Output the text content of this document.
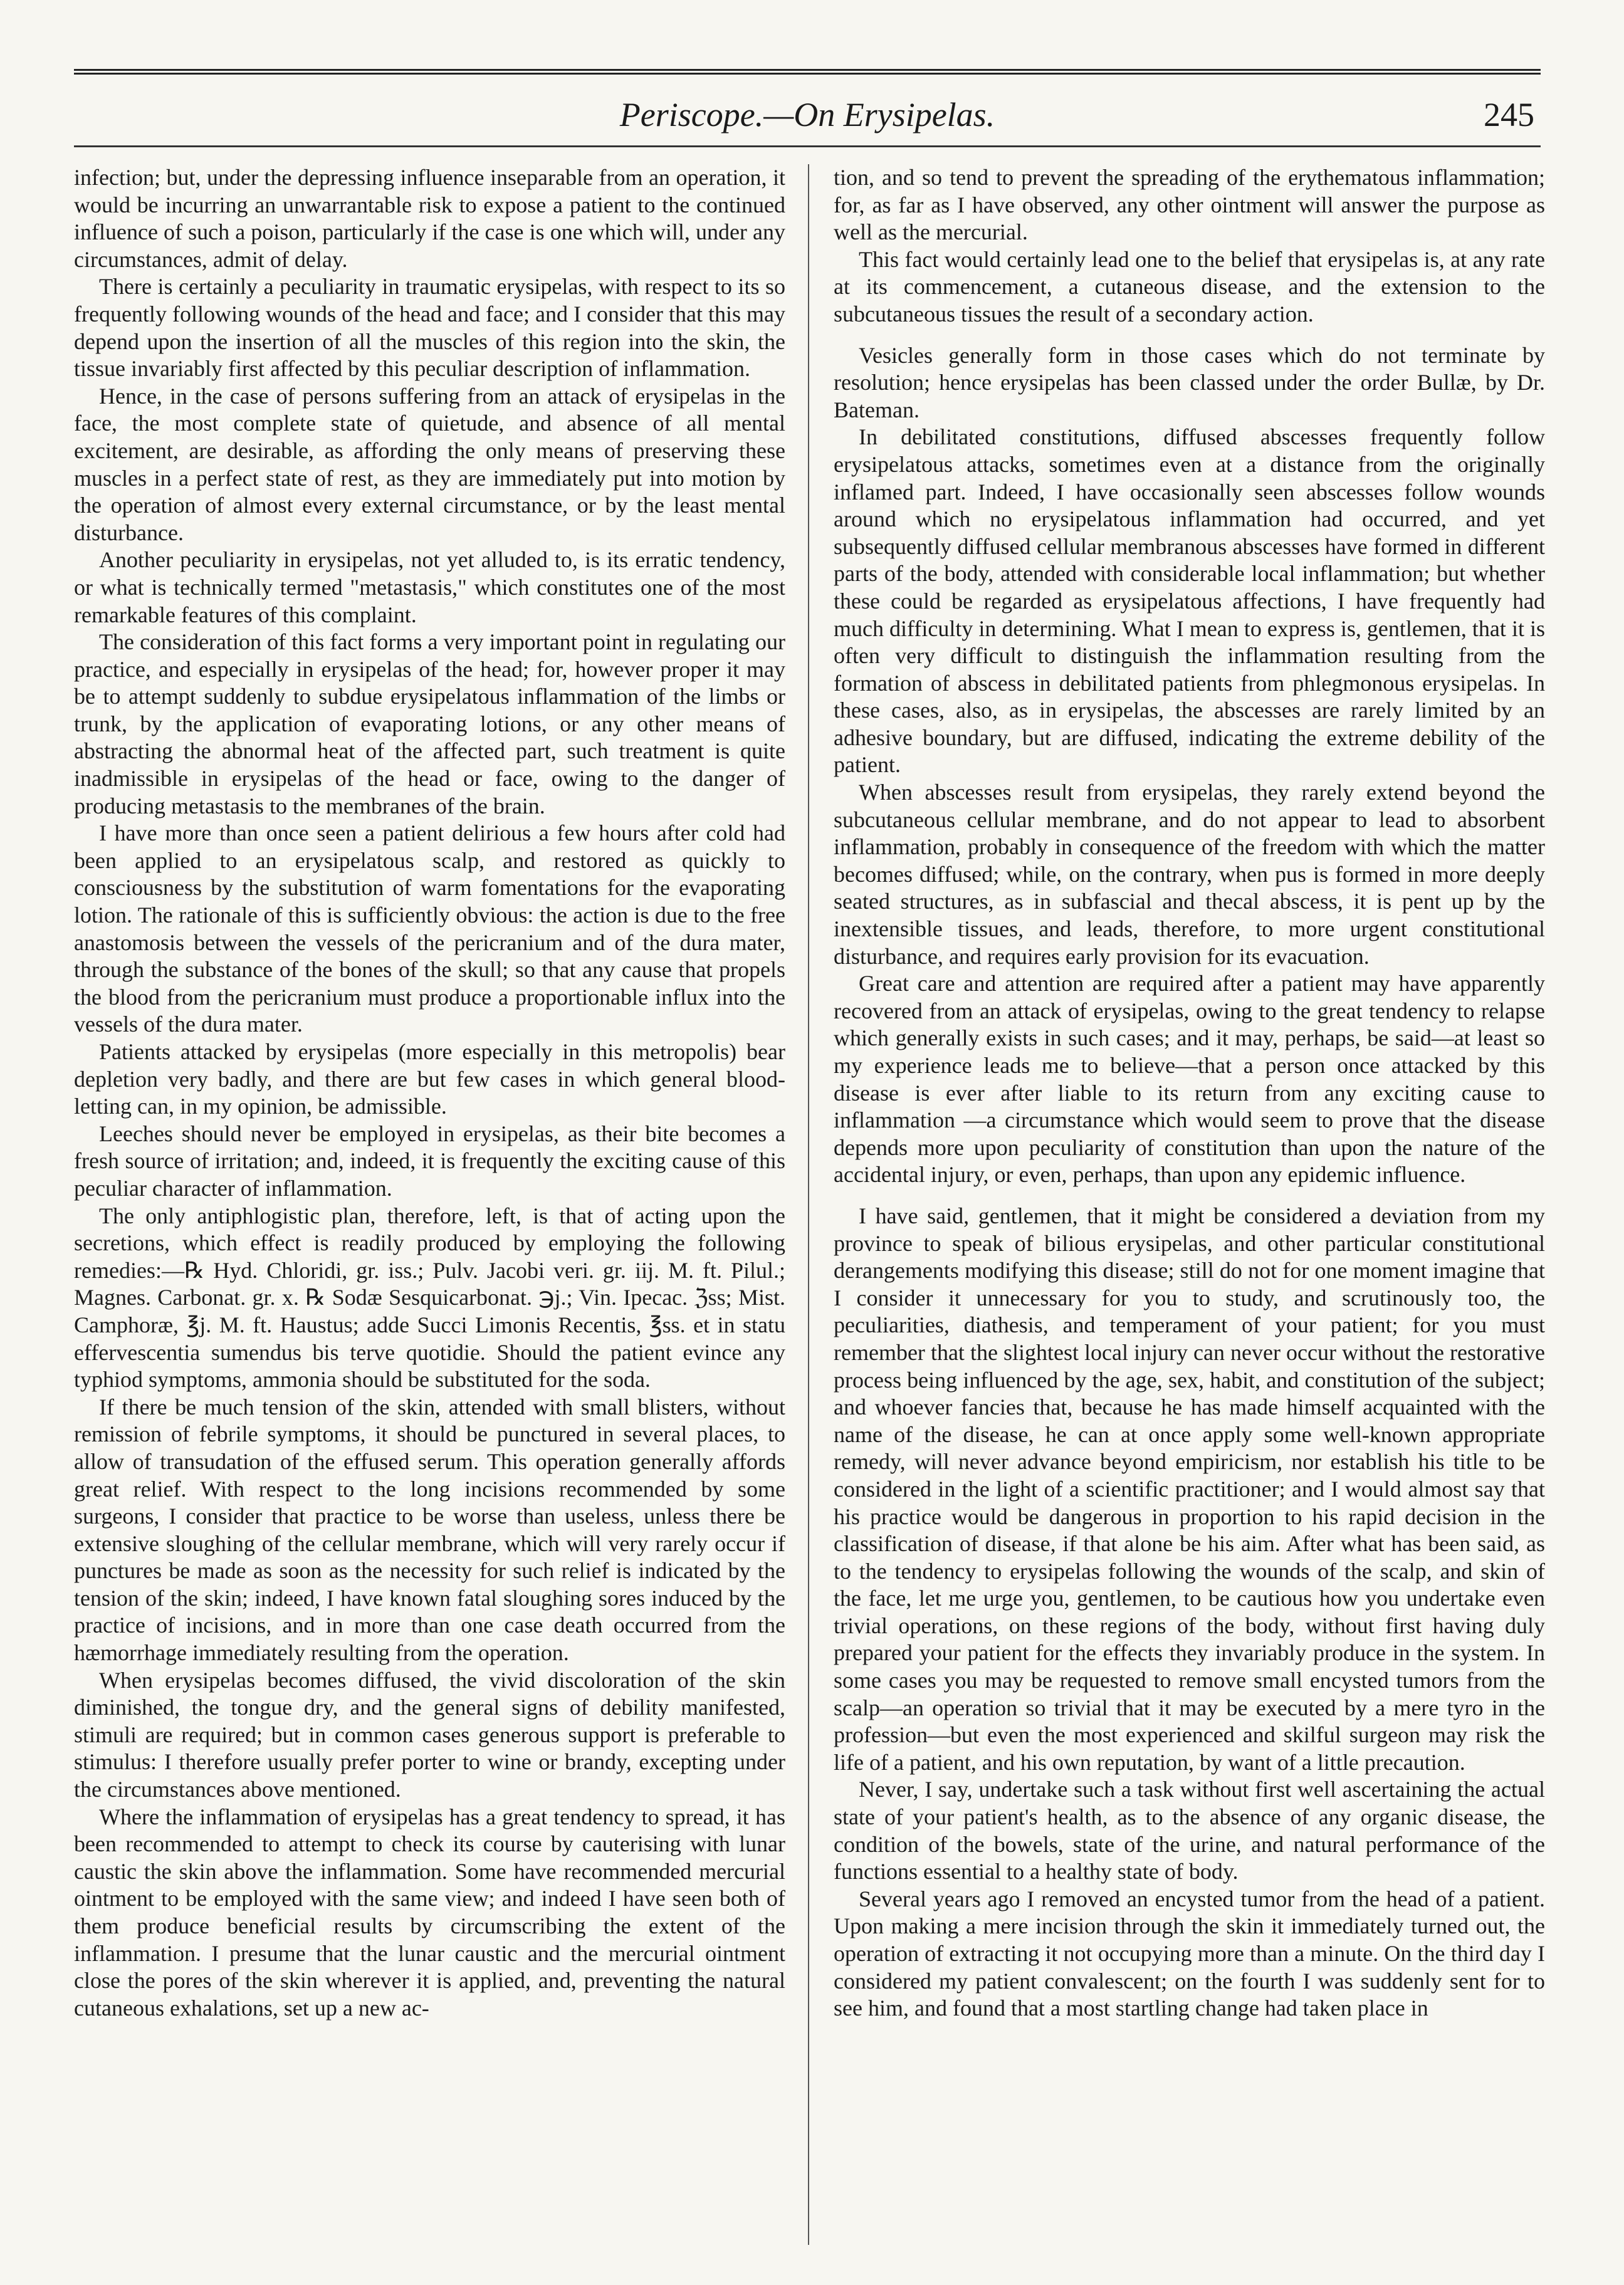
Periscope.—On Erysipelas.	245

infection; but, under the depressing influence inseparable from an operation, it would be incurring an unwarrantable risk to expose a patient to the continued influence of such a poison, particularly if the case is one which will, under any circumstances, admit of delay.

There is certainly a peculiarity in traumatic erysipelas, with respect to its so frequently following wounds of the head and face; and I consider that this may depend upon the insertion of all the muscles of this region into the skin, the tissue invariably first affected by this peculiar description of inflammation.

Hence, in the case of persons suffering from an attack of erysipelas in the face, the most complete state of quietude, and absence of all mental excitement, are desirable, as affording the only means of preserving these muscles in a perfect state of rest, as they are immediately put into motion by the operation of almost every external circumstance, or by the least mental disturbance.

Another peculiarity in erysipelas, not yet alluded to, is its erratic tendency, or what is technically termed "metastasis," which constitutes one of the most remarkable features of this complaint.

The consideration of this fact forms a very important point in regulating our practice, and especially in erysipelas of the head; for, however proper it may be to attempt suddenly to subdue erysipelatous inflammation of the limbs or trunk, by the application of evaporating lotions, or any other means of abstracting the abnormal heat of the affected part, such treatment is quite inadmissible in erysipelas of the head or face, owing to the danger of producing metastasis to the membranes of the brain.

I have more than once seen a patient delirious a few hours after cold had been applied to an erysipelatous scalp, and restored as quickly to consciousness by the substitution of warm fomentations for the evaporating lotion. The rationale of this is sufficiently obvious: the action is due to the free anastomosis between the vessels of the pericranium and of the dura mater, through the substance of the bones of the skull; so that any cause that propels the blood from the pericranium must produce a proportionable influx into the vessels of the dura mater.

Patients attacked by erysipelas (more especially in this metropolis) bear depletion very badly, and there are but few cases in which general blood-letting can, in my opinion, be admissible.

Leeches should never be employed in erysipelas, as their bite becomes a fresh source of irritation; and, indeed, it is frequently the exciting cause of this peculiar character of inflammation.

The only antiphlogistic plan, therefore, left, is that of acting upon the secretions, which effect is readily produced by employing the following remedies:—℞ Hyd. Chloridi, gr. iss.; Pulv. Jacobi veri. gr. iij. M. ft. Pilul.; Magnes. Carbonat. gr. x. ℞ Sodæ Sesquicarbonat. ℈j.; Vin. Ipecac. ℨss; Mist. Camphoræ, ℥j. M. ft. Haustus; adde Succi Limonis Recentis, ℥ss. et in statu effervescentia sumendus bis terve quotidie. Should the patient evince any typhiod symptoms, ammonia should be substituted for the soda.

If there be much tension of the skin, attended with small blisters, without remission of febrile symptoms, it should be punctured in several places, to allow of transudation of the effused serum. This operation generally affords great relief. With respect to the long incisions recommended by some surgeons, I consider that practice to be worse than useless, unless there be extensive sloughing of the cellular membrane, which will very rarely occur if punctures be made as soon as the necessity for such relief is indicated by the tension of the skin; indeed, I have known fatal sloughing sores induced by the practice of incisions, and in more than one case death occurred from the hæmorrhage immediately resulting from the operation.

When erysipelas becomes diffused, the vivid discoloration of the skin diminished, the tongue dry, and the general signs of debility manifested, stimuli are required; but in common cases generous support is preferable to stimulus: I therefore usually prefer porter to wine or brandy, excepting under the circumstances above mentioned.

Where the inflammation of erysipelas has a great tendency to spread, it has been recommended to attempt to check its course by cauterising with lunar caustic the skin above the inflammation. Some have recommended mercurial ointment to be employed with the same view; and indeed I have seen both of them produce beneficial results by circumscribing the extent of the inflammation. I presume that the lunar caustic and the mercurial ointment close the pores of the skin wherever it is applied, and, preventing the natural cutaneous exhalations, set up a new ac-

tion, and so tend to prevent the spreading of the erythematous inflammation; for, as far as I have observed, any other ointment will answer the purpose as well as the mercurial.

This fact would certainly lead one to the belief that erysipelas is, at any rate at its commencement, a cutaneous disease, and the extension to the subcutaneous tissues the result of a secondary action.

Vesicles generally form in those cases which do not terminate by resolution; hence erysipelas has been classed under the order Bullæ, by Dr. Bateman.

In debilitated constitutions, diffused abscesses frequently follow erysipelatous attacks, sometimes even at a distance from the originally inflamed part. Indeed, I have occasionally seen abscesses follow wounds around which no erysipelatous inflammation had occurred, and yet subsequently diffused cellular membranous abscesses have formed in different parts of the body, attended with considerable local inflammation; but whether these could be regarded as erysipelatous affections, I have frequently had much difficulty in determining. What I mean to express is, gentlemen, that it is often very difficult to distinguish the inflammation resulting from the formation of abscess in debilitated patients from phlegmonous erysipelas. In these cases, also, as in erysipelas, the abscesses are rarely limited by an adhesive boundary, but are diffused, indicating the extreme debility of the patient.

When abscesses result from erysipelas, they rarely extend beyond the subcutaneous cellular membrane, and do not appear to lead to absorbent inflammation, probably in consequence of the freedom with which the matter becomes diffused; while, on the contrary, when pus is formed in more deeply seated structures, as in subfascial and thecal abscess, it is pent up by the inextensible tissues, and leads, therefore, to more urgent constitutional disturbance, and requires early provision for its evacuation.

Great care and attention are required after a patient may have apparently recovered from an attack of erysipelas, owing to the great tendency to relapse which generally exists in such cases; and it may, perhaps, be said—at least so my experience leads me to believe—that a person once attacked by this disease is ever after liable to its return from any exciting cause to inflammation —a circumstance which would seem to prove that the disease depends more upon peculiarity of constitution than upon the nature of the accidental injury, or even, perhaps, than upon any epidemic influence.

I have said, gentlemen, that it might be considered a deviation from my province to speak of bilious erysipelas, and other particular constitutional derangements modifying this disease; still do not for one moment imagine that I consider it unnecessary for you to study, and scrutinously too, the peculiarities, diathesis, and temperament of your patient; for you must remember that the slightest local injury can never occur without the restorative process being influenced by the age, sex, habit, and constitution of the subject; and whoever fancies that, because he has made himself acquainted with the name of the disease, he can at once apply some well-known appropriate remedy, will never advance beyond empiricism, nor establish his title to be considered in the light of a scientific practitioner; and I would almost say that his practice would be dangerous in proportion to his rapid decision in the classification of disease, if that alone be his aim. After what has been said, as to the tendency to erysipelas following the wounds of the scalp, and skin of the face, let me urge you, gentlemen, to be cautious how you undertake even trivial operations, on these regions of the body, without first having duly prepared your patient for the effects they invariably produce in the system. In some cases you may be requested to remove small encysted tumors from the scalp—an operation so trivial that it may be executed by a mere tyro in the profession—but even the most experienced and skilful surgeon may risk the life of a patient, and his own reputation, by want of a little precaution.

Never, I say, undertake such a task without first well ascertaining the actual state of your patient's health, as to the absence of any organic disease, the condition of the bowels, state of the urine, and natural performance of the functions essential to a healthy state of body.

Several years ago I removed an encysted tumor from the head of a patient. Upon making a mere incision through the skin it immediately turned out, the operation of extracting it not occupying more than a minute. On the third day I considered my patient convalescent; on the fourth I was suddenly sent for to see him, and found that a most startling change had taken place in
